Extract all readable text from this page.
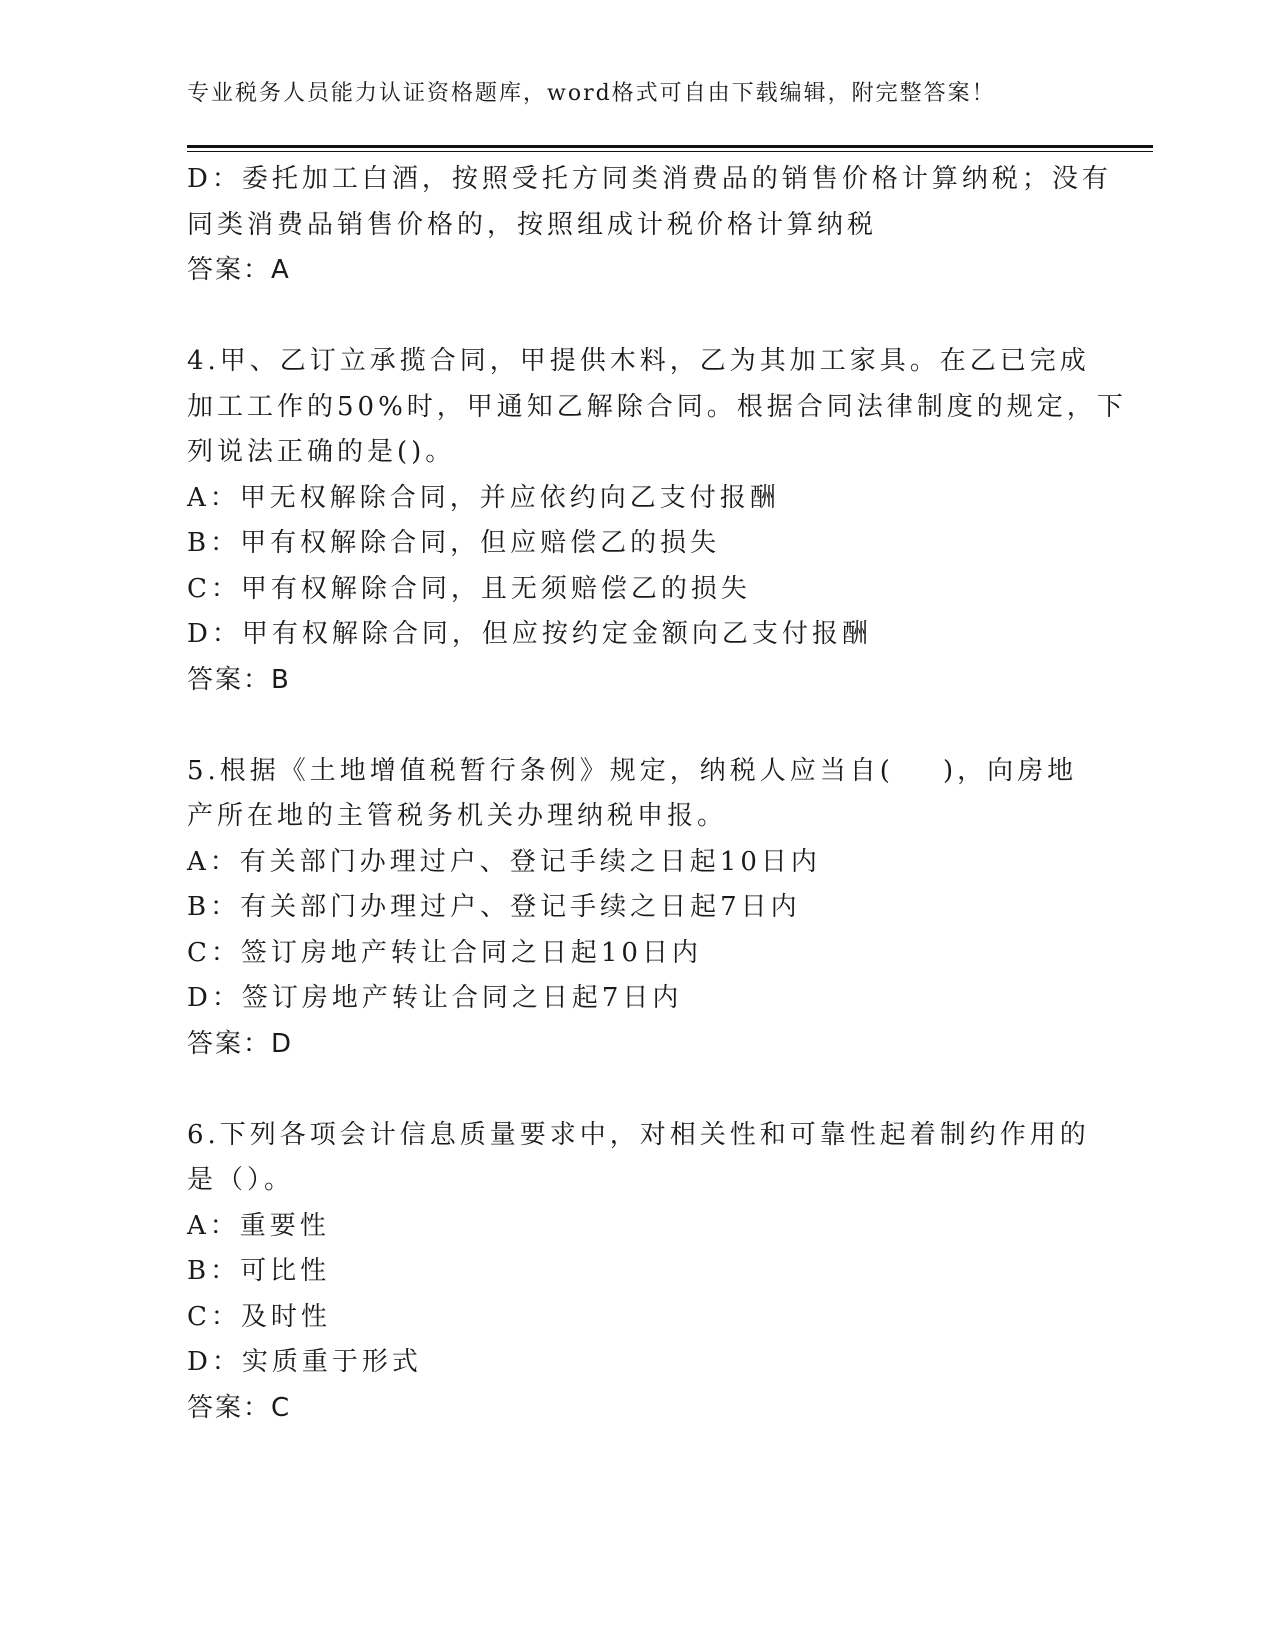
专业税务人员能力认证资格题库，word格式可自由下载编辑，附完整答案！
D：委托加工白酒，按照受托方同类消费品的销售价格计算纳税；没有
同类消费品销售价格的，按照组成计税价格计算纳税
答案：A
4.甲、乙订立承揽合同，甲提供木料，乙为其加工家具。在乙已完成
加工工作的50%时，甲通知乙解除合同。根据合同法律制度的规定，下
列说法正确的是()。
A：甲无权解除合同，并应依约向乙支付报酬
B：甲有权解除合同，但应赔偿乙的损失
C：甲有权解除合同，且无须赔偿乙的损失
D：甲有权解除合同，但应按约定金额向乙支付报酬
答案：B
5.根据《土地增值税暂行条例》规定，纳税人应当自(    )，向房地
产所在地的主管税务机关办理纳税申报。
A：有关部门办理过户、登记手续之日起10日内
B：有关部门办理过户、登记手续之日起7日内
C：签订房地产转让合同之日起10日内
D：签订房地产转让合同之日起7日内
答案：D
6.下列各项会计信息质量要求中，对相关性和可靠性起着制约作用的
是（）。
A：重要性
B：可比性
C：及时性
D：实质重于形式
答案：C
